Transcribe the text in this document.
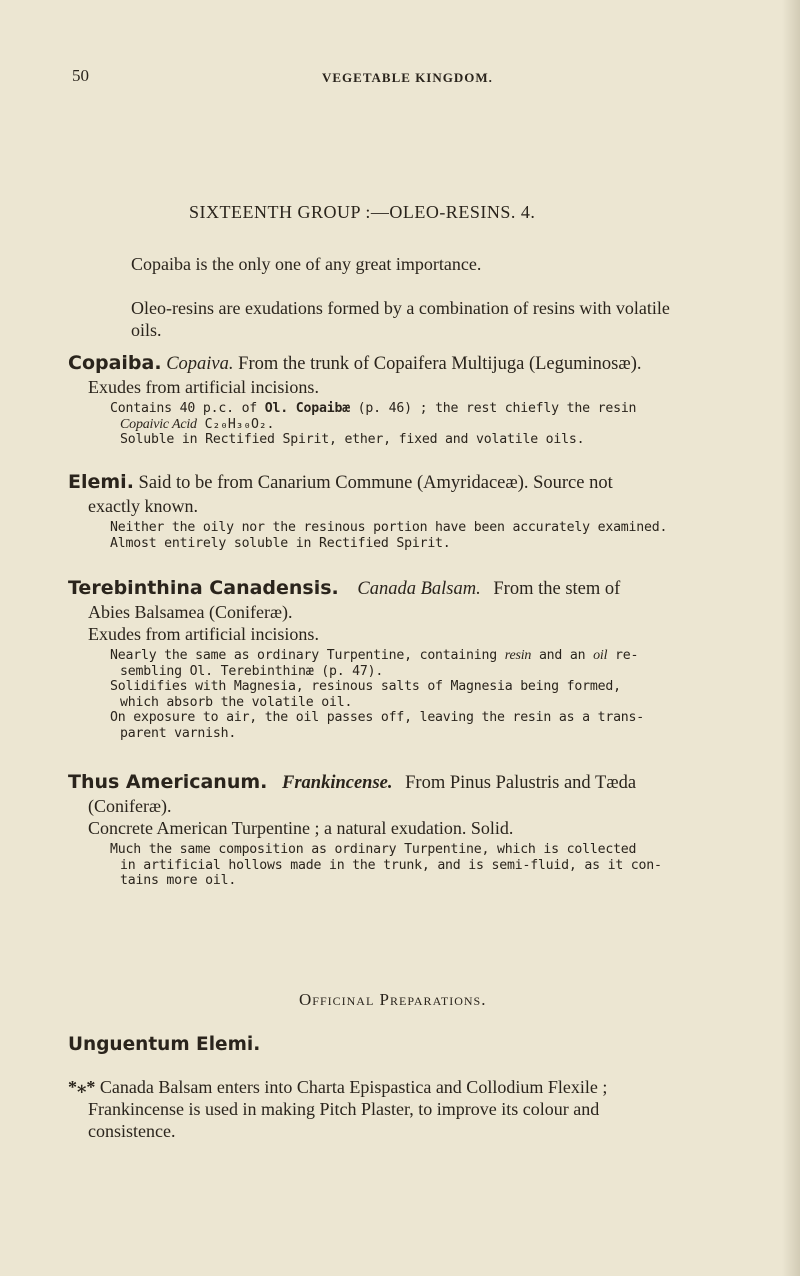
50	VEGETABLE KINGDOM.
SIXTEENTH GROUP :—OLEO-RESINS. 4.
Copaiba is the only one of any great importance.
Oleo-resins are exudations formed by a combination of resins with volatile
oils.

Copaiba. Copaiva. From the trunk of Copaifera Multijuga (Leguminosæ).

Exudes from artificial incisions.

Contains 40 p.c. of Ol. Copaibæ (p. 46) ; the rest chiefly the resin
Copaivic Acid C₂₀H₃₀O₂.
Soluble in Rectified Spirit, ether, fixed and volatile oils.

Elemi. Said to be from Canarium Commune (Amyridaceæ). Source not

exactly known.

Neither the oily nor the resinous portion have been accurately examined.
Almost entirely soluble in Rectified Spirit.

Terebinthina Canadensis. Canada Balsam. From the stem of

Abies Balsamea (Coniferæ).

Exudes from artificial incisions.

Nearly the same as ordinary Turpentine, containing resin and an oil re-
sembling Ol. Terebinthinæ (p. 47).
Solidifies with Magnesia, resinous salts of Magnesia being formed,
which absorb the volatile oil.
On exposure to air, the oil passes off, leaving the resin as a trans-
parent varnish.

Thus Americanum. Frankincense. From Pinus Palustris and Tæda

(Coniferæ).

Concrete American Turpentine ; a natural exudation. Solid.

Much the same composition as ordinary Turpentine, which is collected
in artificial hollows made in the trunk, and is semi-fluid, as it con-
tains more oil.
Officinal Preparations.
Unguentum Elemi.
*⁎* Canada Balsam enters into Charta Epispastica and Collodium Flexile ;
Frankincense is used in making Pitch Plaster, to improve its colour and
consistence.
